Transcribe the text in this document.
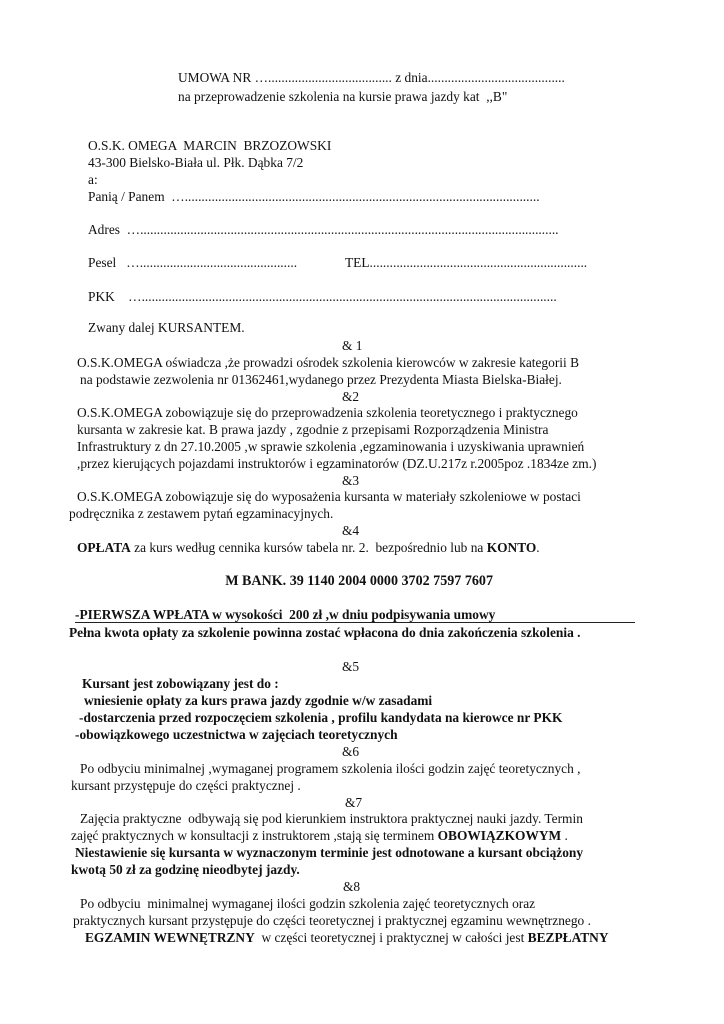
UMOWA NR …..................................... z dnia.........................................
na przeprowadzenie szkolenia na kursie prawa jazdy kat  ,,B"
O.S.K. OMEGA  MARCIN  BRZOZOWSKI
43-300 Bielsko-Biała ul. Płk. Dąbka 7/2
a:
Panią / Panem  …..........................................................................................................
Adres  ….............................................................................................................................
Pesel   …...............................................	TEL.................................................................
PKK    …............................................................................................................................
Zwany dalej KURSANTEM.
& 1
O.S.K.OMEGA oświadcza ,że prowadzi ośrodek szkolenia kierowców w zakresie kategorii B
na podstawie zezwolenia nr 01362461,wydanego przez Prezydenta Miasta Bielska-Białej.
&2
O.S.K.OMEGA zobowiązuje się do przeprowadzenia szkolenia teoretycznego i praktycznego
kursanta w zakresie kat. B prawa jazdy , zgodnie z przepisami Rozporządzenia Ministra
Infrastruktury z dn 27.10.2005 ,w sprawie szkolenia ,egzaminowania i uzyskiwania uprawnień
,przez kierujących pojazdami instruktorów i egzaminatorów (DZ.U.217z r.2005poz .1834ze zm.)
&3
O.S.K.OMEGA zobowiązuje się do wyposażenia kursanta w materiały szkoleniowe w postaci
podręcznika z zestawem pytań egzaminacyjnych.
&4
OPŁATA za kurs według cennika kursów tabela nr. 2.  bezpośrednio lub na KONTO.
M BANK. 39 1140 2004 0000 3702 7597 7607
-PIERWSZA WPŁATA w wysokości  200 zł ,w dniu podpisywania umowy
Pełna kwota opłaty za szkolenie powinna zostać wpłacona do dnia zakończenia szkolenia .
&5
Kursant jest zobowiązany jest do :
wniesienie opłaty za kurs prawa jazdy zgodnie w/w zasadami
-dostarczenia przed rozpoczęciem szkolenia , profilu kandydata na kierowce nr PKK
-obowiązkowego uczestnictwa w zajęciach teoretycznych
&6
Po odbyciu minimalnej ,wymaganej programem szkolenia ilości godzin zajęć teoretycznych ,
kursant przystępuje do części praktycznej .
&7
Zajęcia praktyczne  odbywają się pod kierunkiem instruktora praktycznej nauki jazdy. Termin
zajęć praktycznych w konsultacji z instruktorem ,stają się terminem OBOWIĄZKOWYM .
Niestawienie się kursanta w wyznaczonym terminie jest odnotowane a kursant obciążony
kwotą 50 zł za godzinę nieodbytej jazdy.
&8
Po odbyciu  minimalnej wymaganej ilości godzin szkolenia zajęć teoretycznych oraz
praktycznych kursant przystępuje do części teoretycznej i praktycznej egzaminu wewnętrznego .
EGZAMIN WEWNĘTRZNY  w części teoretycznej i praktycznej w całości jest BEZPŁATNY
